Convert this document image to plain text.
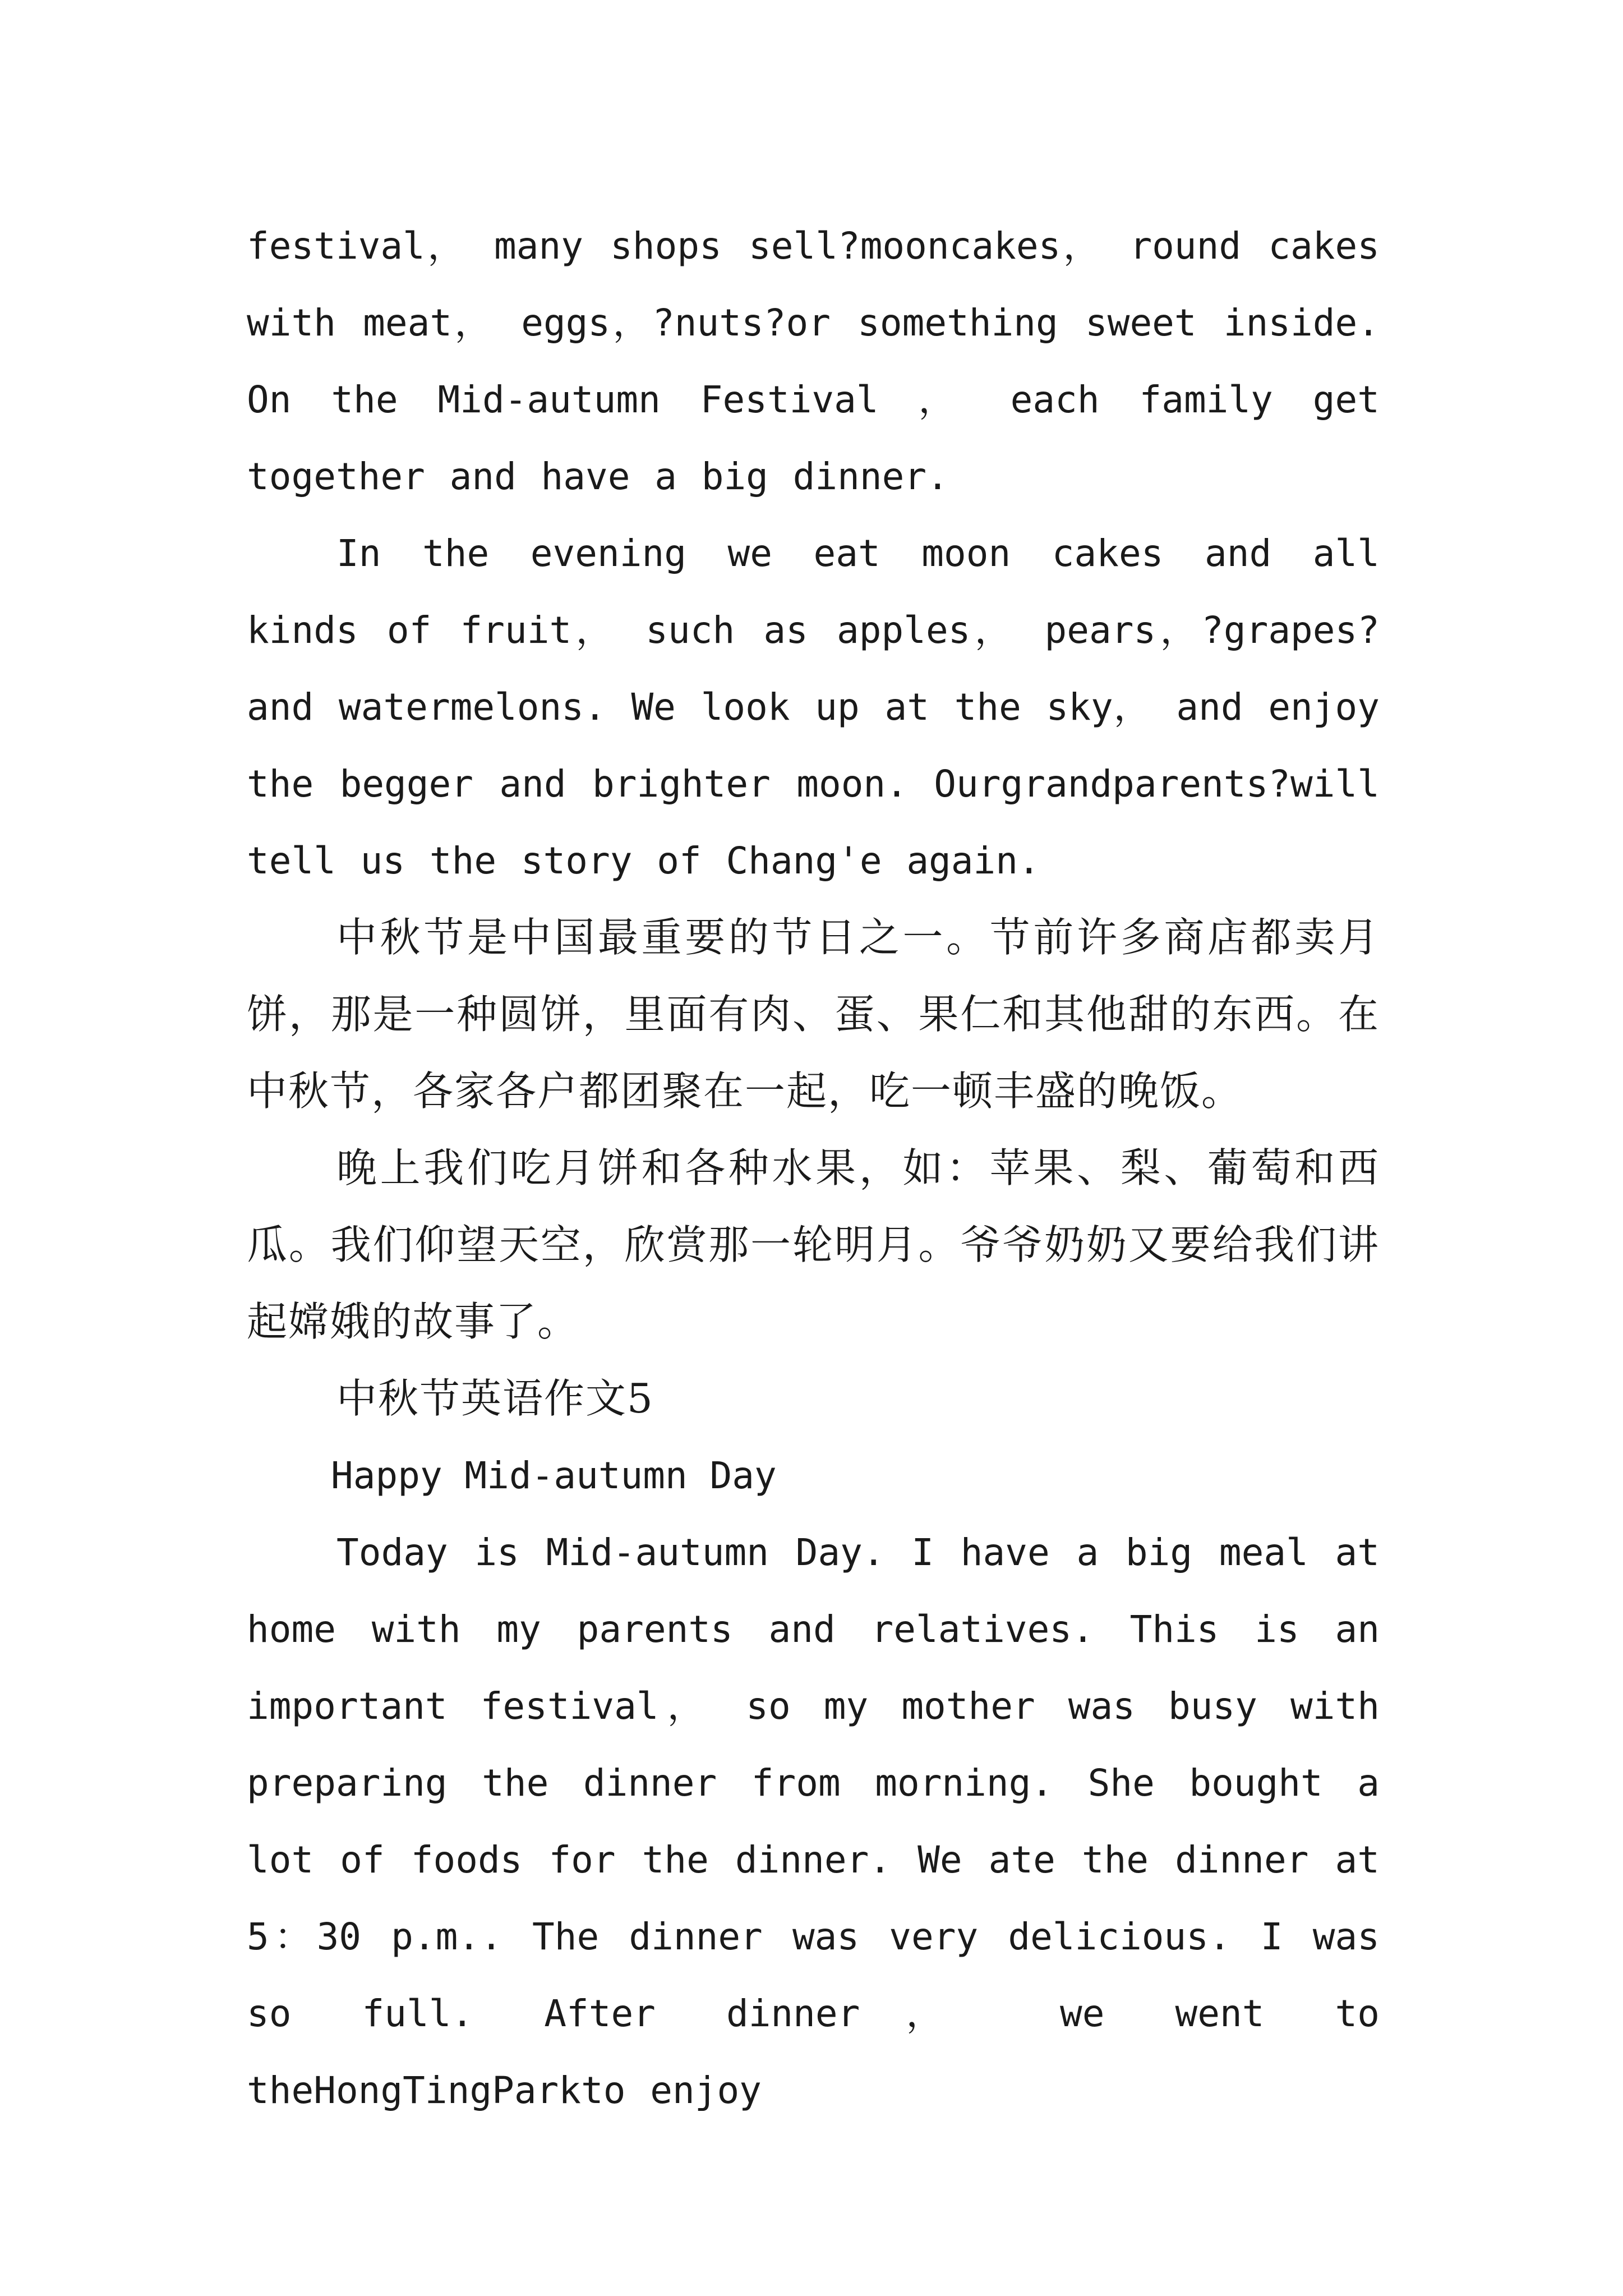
festival， many shops sell?mooncakes， round cakes with meat， eggs，?nuts?or something sweet inside. On the Mid-autumn Festival ， each family get together and have a big dinner.

In the evening we eat moon cakes and all kinds of fruit， such as apples， pears，?grapes?and watermelons. We look up at the sky， and enjoy the begger and brighter moon. Ourgrandparents?will tell us the story of Chang'e again.

中秋节是中国最重要的节日之一。节前许多商店都卖月饼，那是一种圆饼，里面有肉、蛋、果仁和其他甜的东西。在中秋节，各家各户都团聚在一起，吃一顿丰盛的晚饭。

晚上我们吃月饼和各种水果，如：苹果、梨、葡萄和西瓜。我们仰望天空，欣赏那一轮明月。爷爷奶奶又要给我们讲起嫦娥的故事了。

中秋节英语作文5

Happy Mid-autumn Day

Today is Mid-autumn Day. I have a big meal at home with my parents and relatives. This is an important festival， so my mother was busy with preparing the dinner from morning. She bought a lot of foods for the dinner. We ate the dinner at 5：30 p.m.. The dinner was very delicious. I was so full. After dinner， we went to theHongTingParkto enjoy
